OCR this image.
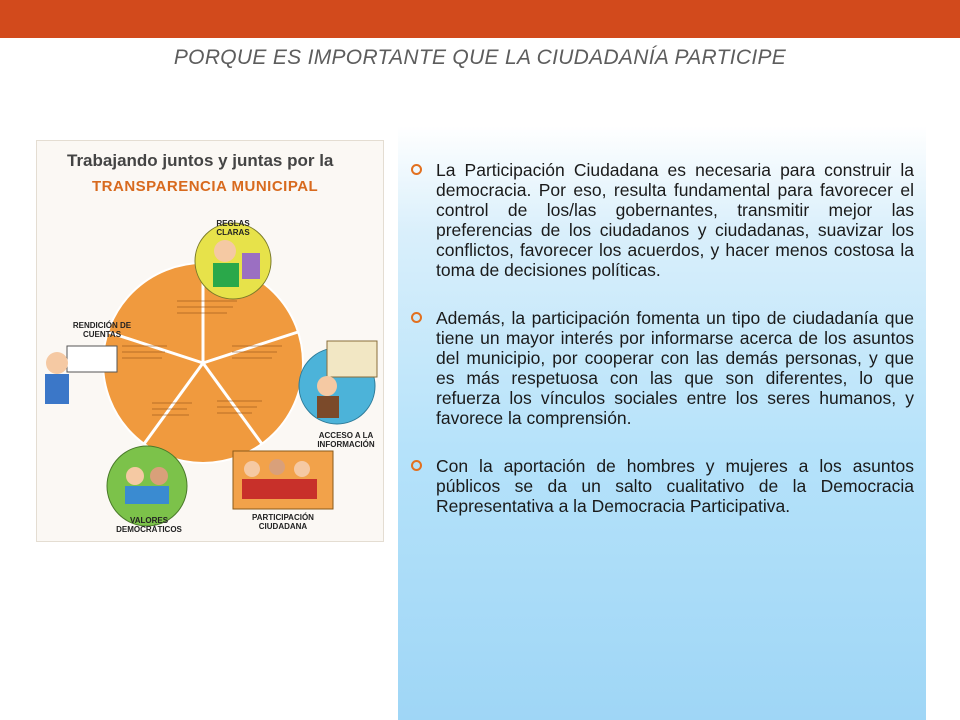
PORQUE ES IMPORTANTE QUE LA CIUDADANÍA PARTICIPE
Trabajando juntos y juntas por la
TRANSPARENCIA MUNICIPAL
REGLAS CLARAS
RENDICIÓN DE CUENTAS
ACCESO A LA INFORMACIÓN
VALORES DEMOCRÁTICOS
PARTICIPACIÓN CIUDADANA
La Participación Ciudadana es necesaria para construir la democracia. Por eso, resulta fundamental para favorecer el control de los/las gobernantes, transmitir mejor las preferencias de los ciudadanos y ciudadanas, suavizar los conflictos, favorecer los acuerdos, y hacer menos costosa la toma de decisiones políticas.
Además, la participación fomenta un tipo de ciudadanía que tiene un mayor interés por informarse acerca de los asuntos del municipio, por cooperar con las demás personas, y que es más respetuosa con las que son diferentes, lo que refuerza los vínculos sociales entre los seres humanos, y favorece la comprensión.
Con la aportación de hombres y mujeres a los asuntos públicos se da un salto cualitativo de la Democracia Representativa a la Democracia Participativa.
